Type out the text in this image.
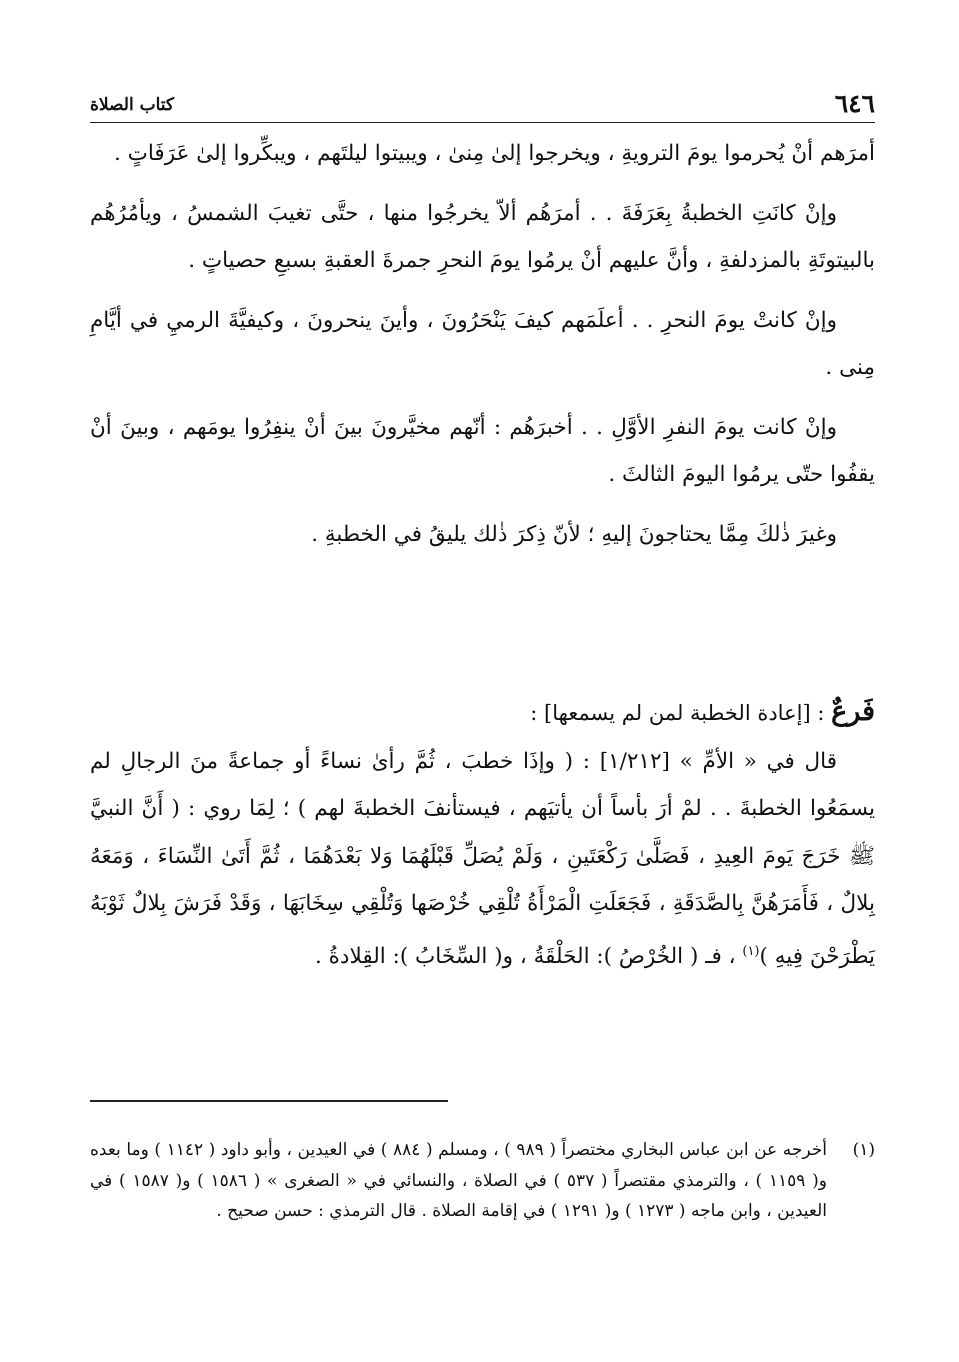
٦٤٦
كتاب الصلاة

أمرَهم أنْ يُحرموا يومَ الترويةِ ، ويخرجوا إلىٰ مِنىٰ ، ويبيتوا ليلتَهم ، ويبكِّروا إلىٰ عَرَفَاتٍ .

وإنْ كانَتِ الخطبةُ بِعَرَفَةَ . . أمرَهُم ألاّ يخرجُوا منها ، حتَّى تغيبَ الشمسُ ، ويأمُرُهُم بالبيتوتَةِ بالمزدلفةِ ، وأنَّ عليهم أنْ يرمُوا يومَ النحرِ جمرةَ العقبةِ بسبعِ حصياتٍ .

وإنْ كانتْ يومَ النحرِ . . أعلَمَهم كيفَ يَنْحَرُونَ ، وأينَ ينحرونَ ، وكيفيَّةَ الرميِ في أيَّامِ مِنى .

وإنْ كانت يومَ النفرِ الأوَّلِ . . أخبرَهُم : أنّهم مخيَّرونَ بينَ أنْ ينفِرُوا يومَهم ، وبينَ أنْ يقفُوا حتّى يرمُوا اليومَ الثالثَ .

وغيرَ ذٰلكَ مِمَّا يحتاجونَ إليهِ ؛ لأنّ ذِكرَ ذٰلك يليقُ في الخطبةِ .

فَرعٌ : [إعادة الخطبة لمن لم يسمعها] :

قال في « الأمِّ » [١/٢١٢] : ( وإذَا خطبَ ، ثُمَّ رأىٰ نساءً أو جماعةً منَ الرجالِ لم يسمَعُوا الخطبةَ . . لمْ أرَ بأساً أن يأتيَهم ، فيستأنفَ الخطبةَ لهم ) ؛ لِمَا روي : ( أَنَّ النبيَّ ﷺ خَرَجَ يَومَ العِيدِ ، فَصَلَّىٰ رَكْعَتَينِ ، وَلَمْ يُصَلِّ قَبْلَهُمَا وَلا بَعْدَهُمَا ، ثُمَّ أَتَىٰ النِّسَاءَ ، وَمَعَهُ بِلالٌ ، فَأَمَرَهُنَّ بِالصَّدَقَةِ ، فَجَعَلَتِ الْمَرْأَةُ تُلْقِي خُرْصَها وَتُلْقِي سِخَابَهَا ، وَقَدْ فَرَشَ بِلالٌ ثَوْبَهُ يَطْرَحْنَ فِيهِ )$^{(١)}$ ، فـ ( الخُرْصُ ): الحَلْقَةُ ، و( السِّخَابُ ): القِلادةُ .

(١)
أخرجه عن ابن عباس البخاري مختصراً ( ٩٨٩ ) ، ومسلم ( ٨٨٤ ) في العيدين ، وأبو داود ( ١١٤٢ ) وما بعده و( ١١٥٩ ) ، والترمذي مقتصراً ( ٥٣٧ ) في الصلاة ، والنسائي في « الصغرى » ( ١٥٨٦ ) و( ١٥٨٧ ) في العيدين ، وابن ماجه ( ١٢٧٣ ) و( ١٢٩١ ) في إقامة الصلاة . قال الترمذي : حسن صحيح .
